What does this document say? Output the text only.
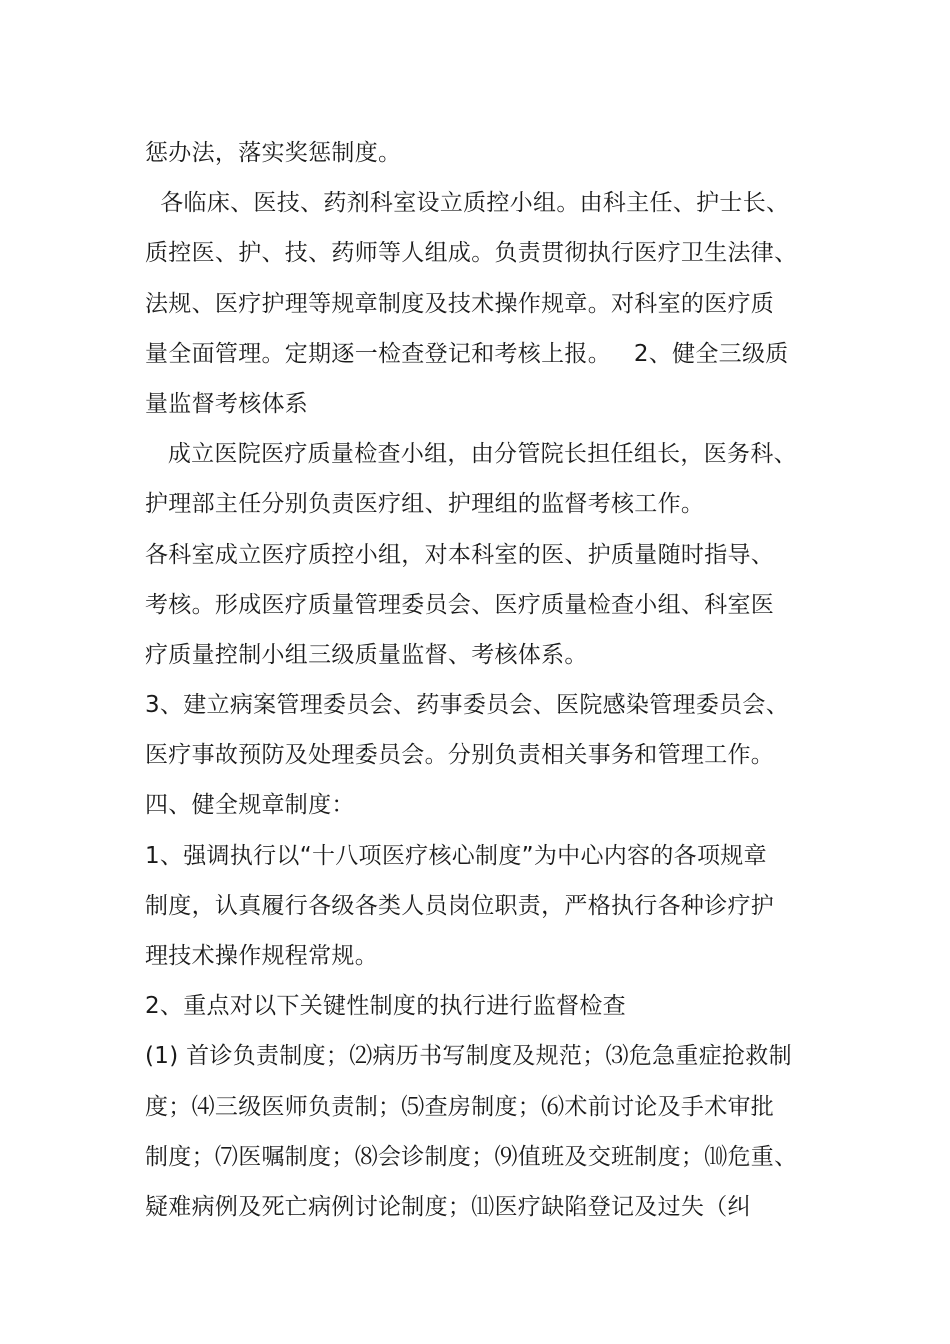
惩办法，落实奖惩制度。
各临床、医技、药剂科室设立质控小组。由科主任、护士长、
质控医、护、技、药师等人组成。负责贯彻执行医疗卫生法律、
法规、医疗护理等规章制度及技术操作规章。对科室的医疗质
量全面管理。定期逐一检查登记和考核上报。   2、健全三级质
量监督考核体系
成立医院医疗质量检查小组，由分管院长担任组长，医务科、
护理部主任分别负责医疗组、护理组的监督考核工作。
各科室成立医疗质控小组，对本科室的医、护质量随时指导、
考核。形成医疗质量管理委员会、医疗质量检查小组、科室医
疗质量控制小组三级质量监督、考核体系。
3、建立病案管理委员会、药事委员会、医院感染管理委员会、
医疗事故预防及处理委员会。分别负责相关事务和管理工作。
四、健全规章制度：
1、强调执行以“十八项医疗核心制度”为中心内容的各项规章
制度，认真履行各级各类人员岗位职责，严格执行各种诊疗护
理技术操作规程常规。
2、重点对以下关键性制度的执行进行监督检查
(1) 首诊负责制度；⑵病历书写制度及规范；⑶危急重症抢救制
度；⑷三级医师负责制；⑸查房制度；⑹术前讨论及手术审批
制度；⑺医嘱制度；⑻会诊制度；⑼值班及交班制度；⑽危重、
疑难病例及死亡病例讨论制度；⑾医疗缺陷登记及过失（纠
